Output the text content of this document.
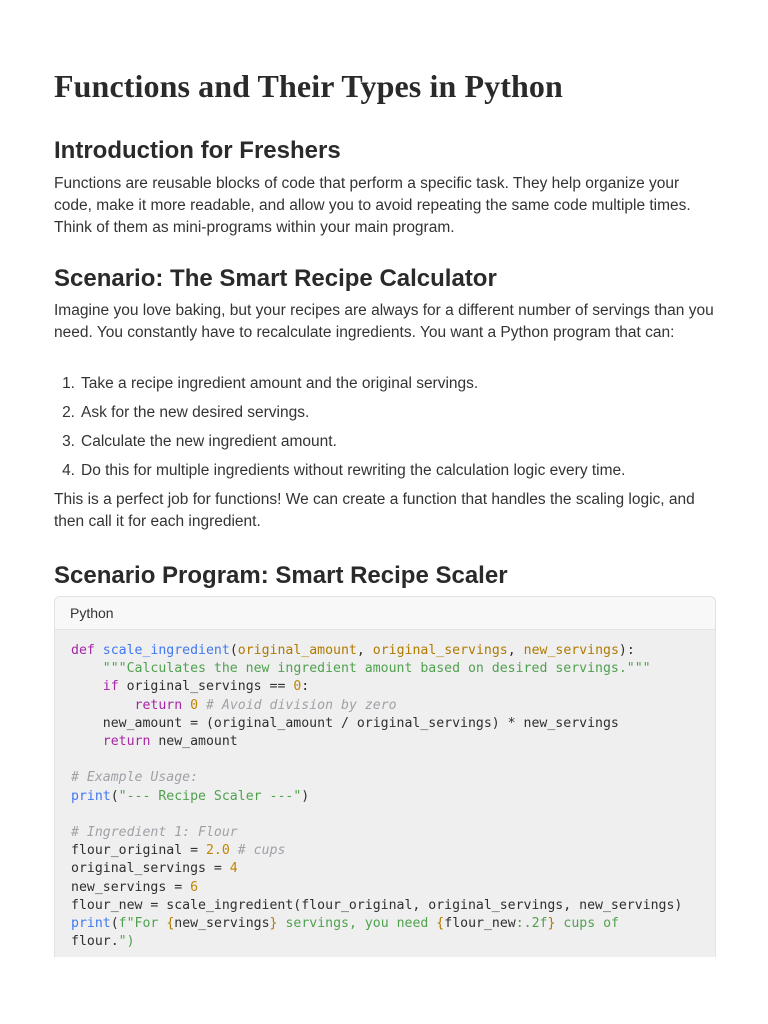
Functions and Their Types in Python
Introduction for Freshers

Functions are reusable blocks of code that perform a specific task. They help organize your code, make it more readable, and allow you to avoid repeating the same code multiple times. Think of them as mini-programs within your main program.

Scenario: The Smart Recipe Calculator

Imagine you love baking, but your recipes are always for a different number of servings than you need. You constantly have to recalculate ingredients. You want a Python program that can:

1. Take a recipe ingredient amount and the original servings.
2. Ask for the new desired servings.
3. Calculate the new ingredient amount.
4. Do this for multiple ingredients without rewriting the calculation logic every time.

This is a perfect job for functions! We can create a function that handles the scaling logic, and then call it for each ingredient.

Scenario Program: Smart Recipe Scaler
Python
def scale_ingredient(original_amount, original_servings, new_servings):
"""Calculates the new ingredient amount based on desired servings."""
if original_servings == 0:
return 0 # Avoid division by zero
new_amount = (original_amount / original_servings) * new_servings
return new_amount

# Example Usage:
print("--- Recipe Scaler ---")

# Ingredient 1: Flour
flour_original = 2.0 # cups
original_servings = 4
new_servings = 6
flour_new = scale_ingredient(flour_original, original_servings, new_servings)
print(f"For {new_servings} servings, you need {flour_new:.2f} cups of
flour.")
